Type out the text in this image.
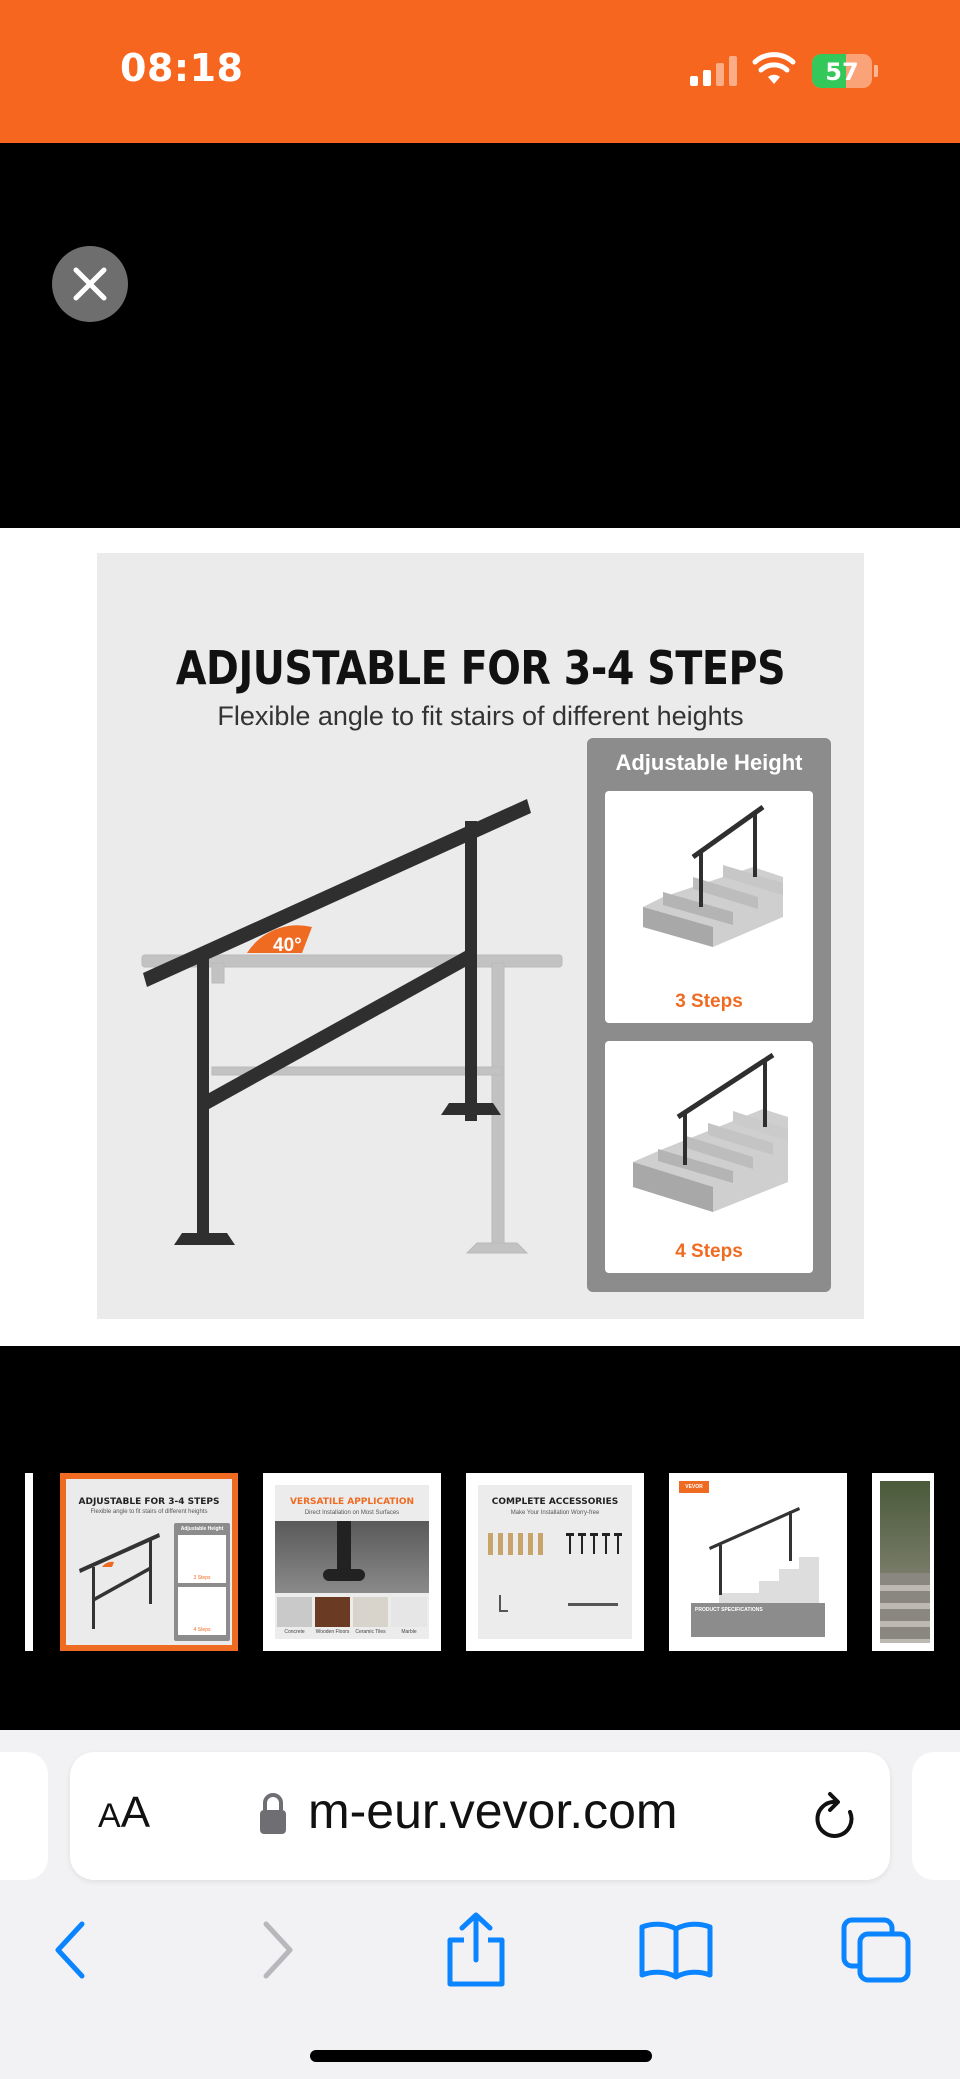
08:18	57
ADJUSTABLE FOR 3-4 STEPS
Flexible angle to fit stairs of different heights
40°
Adjustable Height
3 Steps
4 Steps
ADJUSTABLE FOR 3-4 STEPS
Flexible angle to fit stairs of different heights
Adjustable Height
3 Steps
4 Steps
VERSATILE APPLICATION
Direct Installation on Most Surfaces
Concrete	Wooden Floors	Ceramic Tiles	Marble
COMPLETE ACCESSORIES
Make Your Installation Worry-free
VEVOR
PRODUCT SPECIFICATIONS
AA	m-eur.vevor.com
